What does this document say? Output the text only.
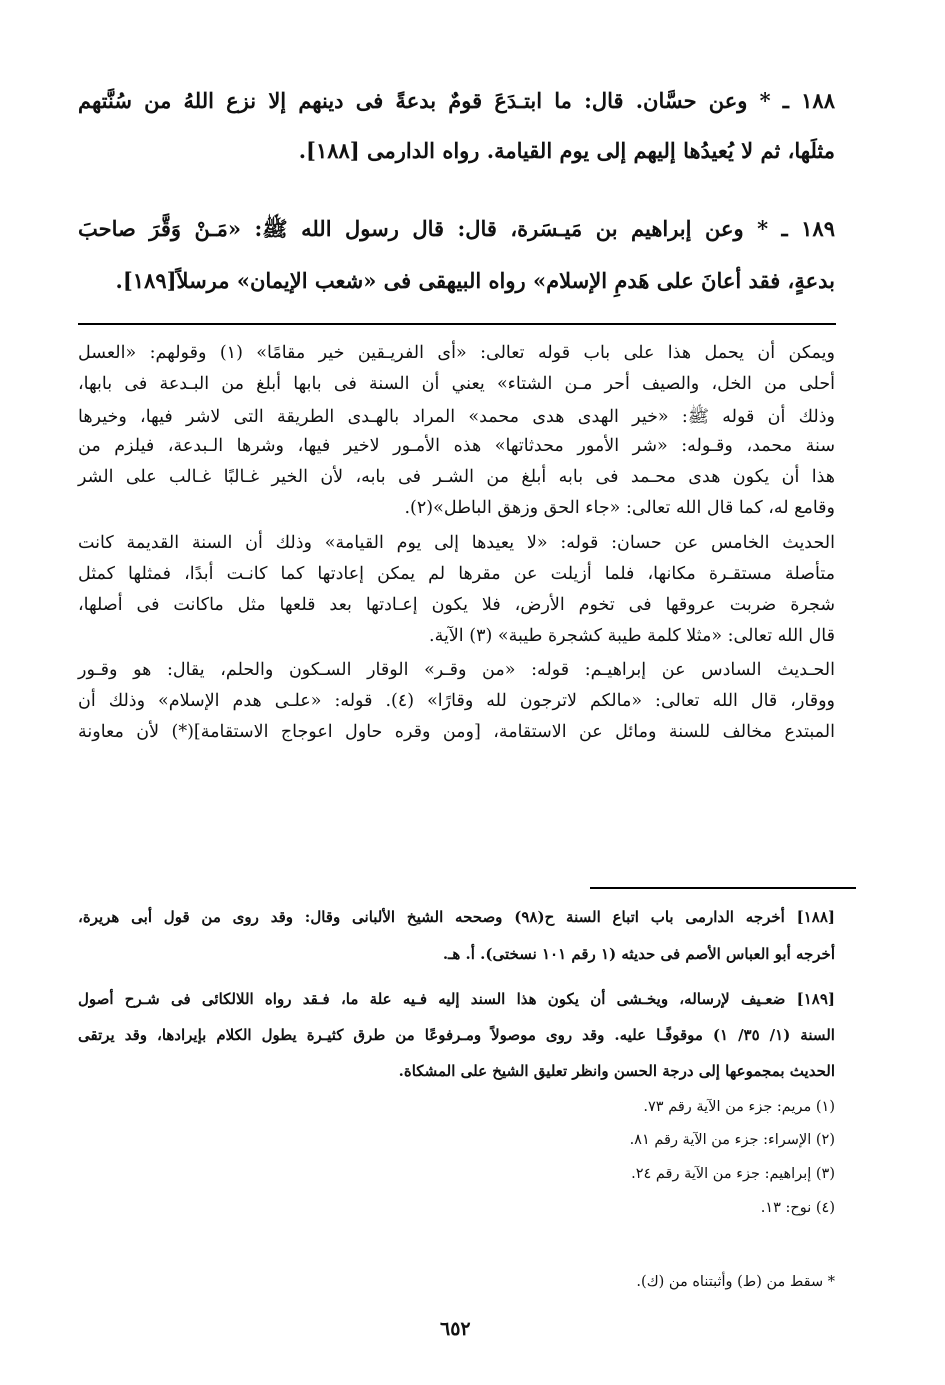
١٨٨ ـ * وعن حسَّان. قال: ما ابتـدَعَ قومٌ بدعةً فى دينهم إلا نزع اللهُ من سُنَّتهم
مثلَها، ثم لا يُعيدُها إليهم إلى يوم القيامة. رواه الدارمى [١٨٨].
١٨٩ ـ * وعن إبراهيم بن مَيـسَرة، قال: قال رسول الله ﷺ: «مَـنْ وَقَّرَ صاحبَ
بدعةٍ، فقد أعانَ على هَدمِ الإسلام» رواه البيهقى فى «شعب الإيمان» مرسلاً[١٨٩].
ويمكن أن يحمل هذا على باب قوله تعالى: «أى الفريـقين خير مقامًا» (١) وقولهم: «العسل
أحلى من الخل، والصيف أحر مـن الشتاء» يعني أن السنة فى بابها أبلغ من البـدعة فى بابها،
وذلك أن قوله ﷺ: «خير الهدى هدى محمد» المراد بالهـدى الطريقة التى لاشر فيها، وخيرها
سنة محمد، وقـوله: «شر الأمور محدثاتها» هذه الأمـور لاخير فيها، وشرها الـبدعة، فيلزم من
هذا أن يكون هدى محـمد فى بابه أبلغ من الشـر فى بابه، لأن الخير غـالبًا غـالب على الشر
وقامع له، كما قال الله تعالى: «جاء الحق وزهق الباطل»(٢).
الحديث الخامس عن حسان: قوله: «لا يعيدها إلى يوم القيامة» وذلك أن السنة القديمة كانت
متأصلة مستقـرة مكانها، فلما أزيلت عن مقرها لم يمكن إعادتها كما كانـت أبدًا، فمثلها كمثل
شجرة ضربت عروقها فى تخوم الأرض، فلا يكون إعـادتها بعد قلعها مثل ماكانت فى أصلها،
قال الله تعالى: «مثلا كلمة طيبة كشجرة طيبة» (٣) الآية.
الحـديث السادس عن إبراهيـم: قوله: «من وقـر» الوقار السـكون والحلم، يقال: هو وقـور
ووقار، قال الله تعالى: «مالكم لاترجون لله وقارًا» (٤). قوله: «علـى هدم الإسلام» وذلك أن
المبتدع مخالف للسنة ومائل عن الاستقامة، [ومن وقره حاول اعوجاج الاستقامة](*) لأن معاونة
[١٨٨] أخرجه الدارمى باب اتباع السنة ح(٩٨) وصححه الشيخ الألبانى وقال: وقد روى من قول أبى هريرة،
أخرجه أبو العباس الأصم فى حديثه (١ رقم ١٠١ نسختى). أ. هـ.
[١٨٩] ضعـيف لإرساله، ويخـشى أن يكون هذا السند إليه فـيه علة ما، فـقد رواه اللالكائى فى شـرح أصول
السنة (١/ ٣٥/ ١) موقوفًـا عليه. وقد روى موصولاً ومـرفوعًا من طرق كثيـرة يطول الكلام بإيرادها، وقد يرتقى
الحديث بمجموعها إلى درجة الحسن وانظر تعليق الشيخ على المشكاة.
(١) مريم: جزء من الآية رقم ٧٣.
(٢) الإسراء: جزء من الآية رقم ٨١.
(٣) إبراهيم: جزء من الآية رقم ٢٤.
(٤) نوح: ١٣.
* سقط من (ط) وأثبتناه من (ك).
٦٥٢
